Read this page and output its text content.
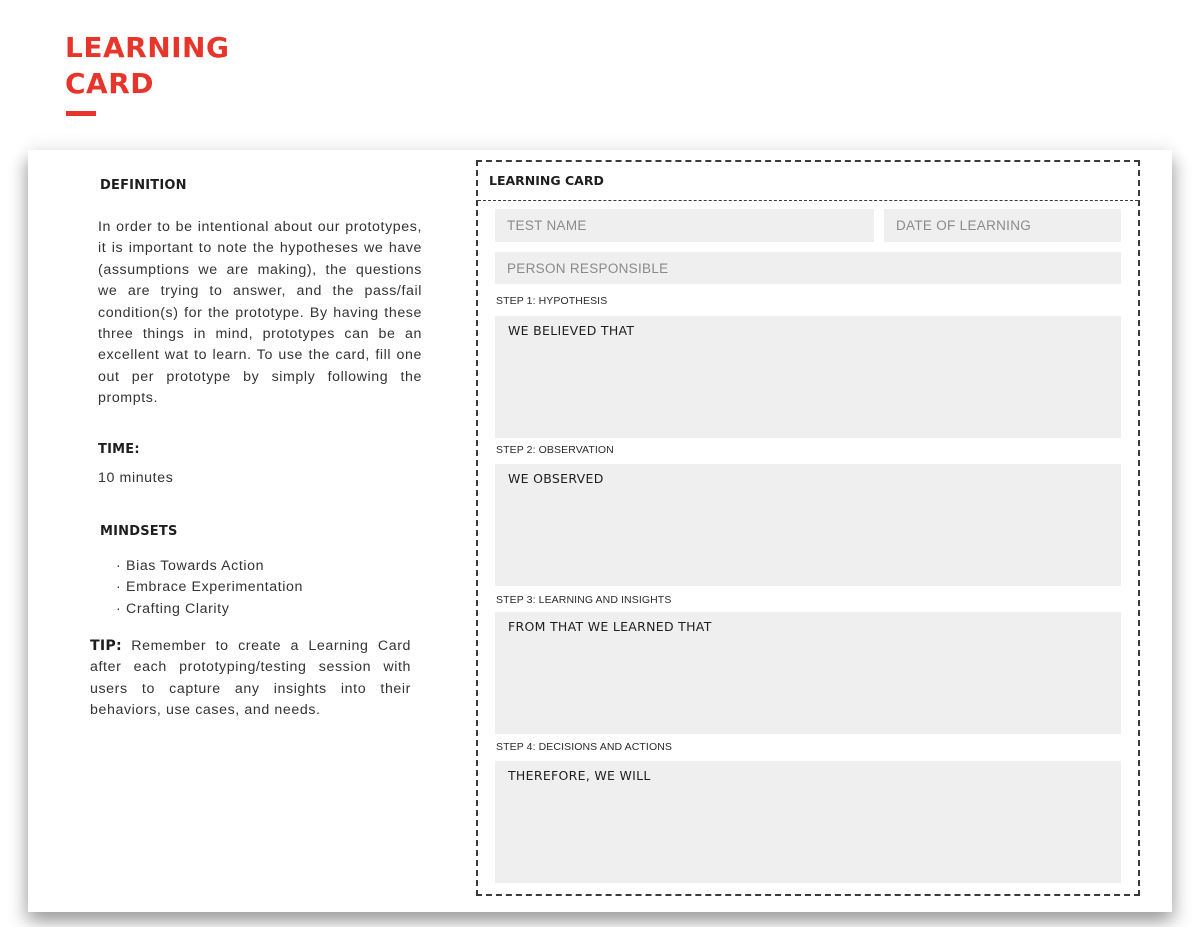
LEARNING
CARD
DEFINITION

In order to be intentional about our prototypes, it is important to note the hypotheses we have (assumptions we are making), the questions we are trying to answer, and the pass/fail condition(s) for the prototype. By having these three things in mind, prototypes can be an excellent wat to learn. To use the card, fill one out per prototype by simply following the prompts.

TIME:
10 minutes
MINDSETS
· Bias Towards Action
· Embrace Experimentation
· Crafting Clarity

TIP: Remember to create a Learning Card after each prototyping/testing session with users to capture any insights into their behaviors, use cases, and needs.

LEARNING CARD
TEST NAME	DATE OF LEARNING
PERSON RESPONSIBLE
STEP 1: HYPOTHESIS
WE BELIEVED THAT
STEP 2: OBSERVATION
WE OBSERVED
STEP 3: LEARNING AND INSIGHTS
FROM THAT WE LEARNED THAT
STEP 4: DECISIONS AND ACTIONS
THEREFORE, WE WILL
